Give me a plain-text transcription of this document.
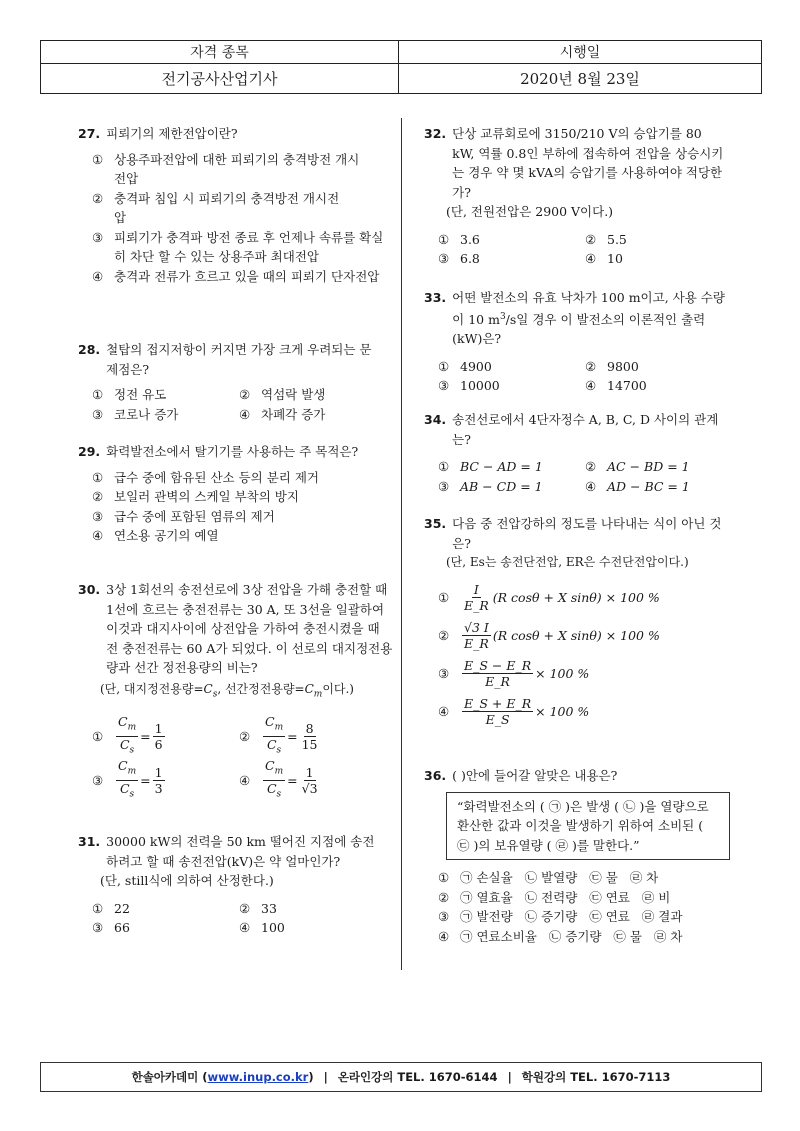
자격 종목	시행일
전기공사산업기사	2020년 8월 23일
27. 피뢰기의 제한전압이란?
① 상용주파전압에 대한 피뢰기의 충격방전 개시전압
② 충격파 침입 시 피뢰기의 충격방전 개시전압
③ 피뢰기가 충격파 방전 종료 후 언제나 속류를 확실히 차단 할 수 있는 상용주파 최대전압
④ 충격과 전류가 흐르고 있을 때의 피뢰기 단자전압
28. 철탑의 접지저항이 커지면 가장 크게 우려되는 문제점은?
① 정전 유도	② 역섬락 발생
③ 코로나 증가	④ 차폐각 증가
29. 화력발전소에서 탈기기를 사용하는 주 목적은?
① 급수 중에 함유된 산소 등의 분리 제거
② 보일러 관벽의 스케일 부착의 방지
③ 급수 중에 포함된 염류의 제거
④ 연소용 공기의 예열
30. 3상 1회선의 송전선로에 3상 전압을 가해 충전할 때 1선에 흐르는 충전전류는 30 A, 또 3선을 일괄하여 이것과 대지사이에 상전압을 가하여 충전시켰을 때 전 충전전류는 60 A가 되었다. 이 선로의 대지정전용량과 선간 정전용량의 비는?
(단, 대지정전용량$=C_s$, 선간정전용량$=C_m$이다.)
①	$\frac{C_m}{C_s} = \frac{1}{6}$	②	$\frac{C_m}{C_s} = \frac{8}{15}$
③	$\frac{C_m}{C_s} = \frac{1}{3}$	④	$\frac{C_m}{C_s} = \frac{1}{√3}$
31. 30000 kW의 전력을 50 km 떨어진 지점에 송전하려고 할 때 송전전압(kV)은 약 얼마인가?
(단, still식에 의하여 산정한다.)
① 22	② 33
③ 66	④ 100
32. 단상 교류회로에 3150/210 V의 승압기를 80 kW, 역률 0.8인 부하에 접속하여 전압을 상승시키는 경우 약 몇 kVA의 승압기를 사용하여야 적당한가?
(단, 전원전압은 2900 V이다.)
① 3.6	② 5.5
③ 6.8	④ 10
33. 어떤 발전소의 유효 낙차가 100 m이고, 사용 수량이 10 $m^3/s$일 경우 이 발전소의 이론적인 출력(kW)은?
① 4900	② 9800
③ 10000	④ 14700
34. 송전선로에서 4단자정수 A, B, C, D 사이의 관계는?
① BC − AD = 1	② AC − BD = 1
③ AB − CD = 1	④ AD − BC = 1
35. 다음 중 전압강하의 정도를 나타내는 식이 아닌 것은?
(단, Es는 송전단전압, ER은 수전단전압이다.)
①	$\frac{I}{E\_R} (R$ cosθ + X sinθ) × 100 %
②	$\frac{√3 I}{E\_R} (R$ cosθ + X sinθ) × 100 %
③	$\frac{E\_S - E\_R}{E\_R} \times 100$ %
④	$\frac{E\_S + E\_R}{E\_S} \times 100$ %
36. ( )안에 들어갈 알맞은 내용은?
“화력발전소의 ( ㉠ )은 발생 ( ㉡ )을 열량으로 환산한 값과 이것을 발생하기 위하여 소비된 ( ㉢ )의 보유열량 ( ㉣ )를 말한다.”
① ㉠ 손실율   ㉡ 발열량   ㉢ 물   ㉣ 차
② ㉠ 열효율   ㉡ 전력량   ㉢ 연료   ㉣ 비
③ ㉠ 발전량   ㉡ 증기량   ㉢ 연료   ㉣ 결과
④ ㉠ 연료소비율   ㉡ 증기량   ㉢ 물   ㉣ 차
한솔아카데미 ( www.inup.co.kr ) | 온라인강의 TEL. 1670-6144 | 학원강의 TEL. 1670-7113
